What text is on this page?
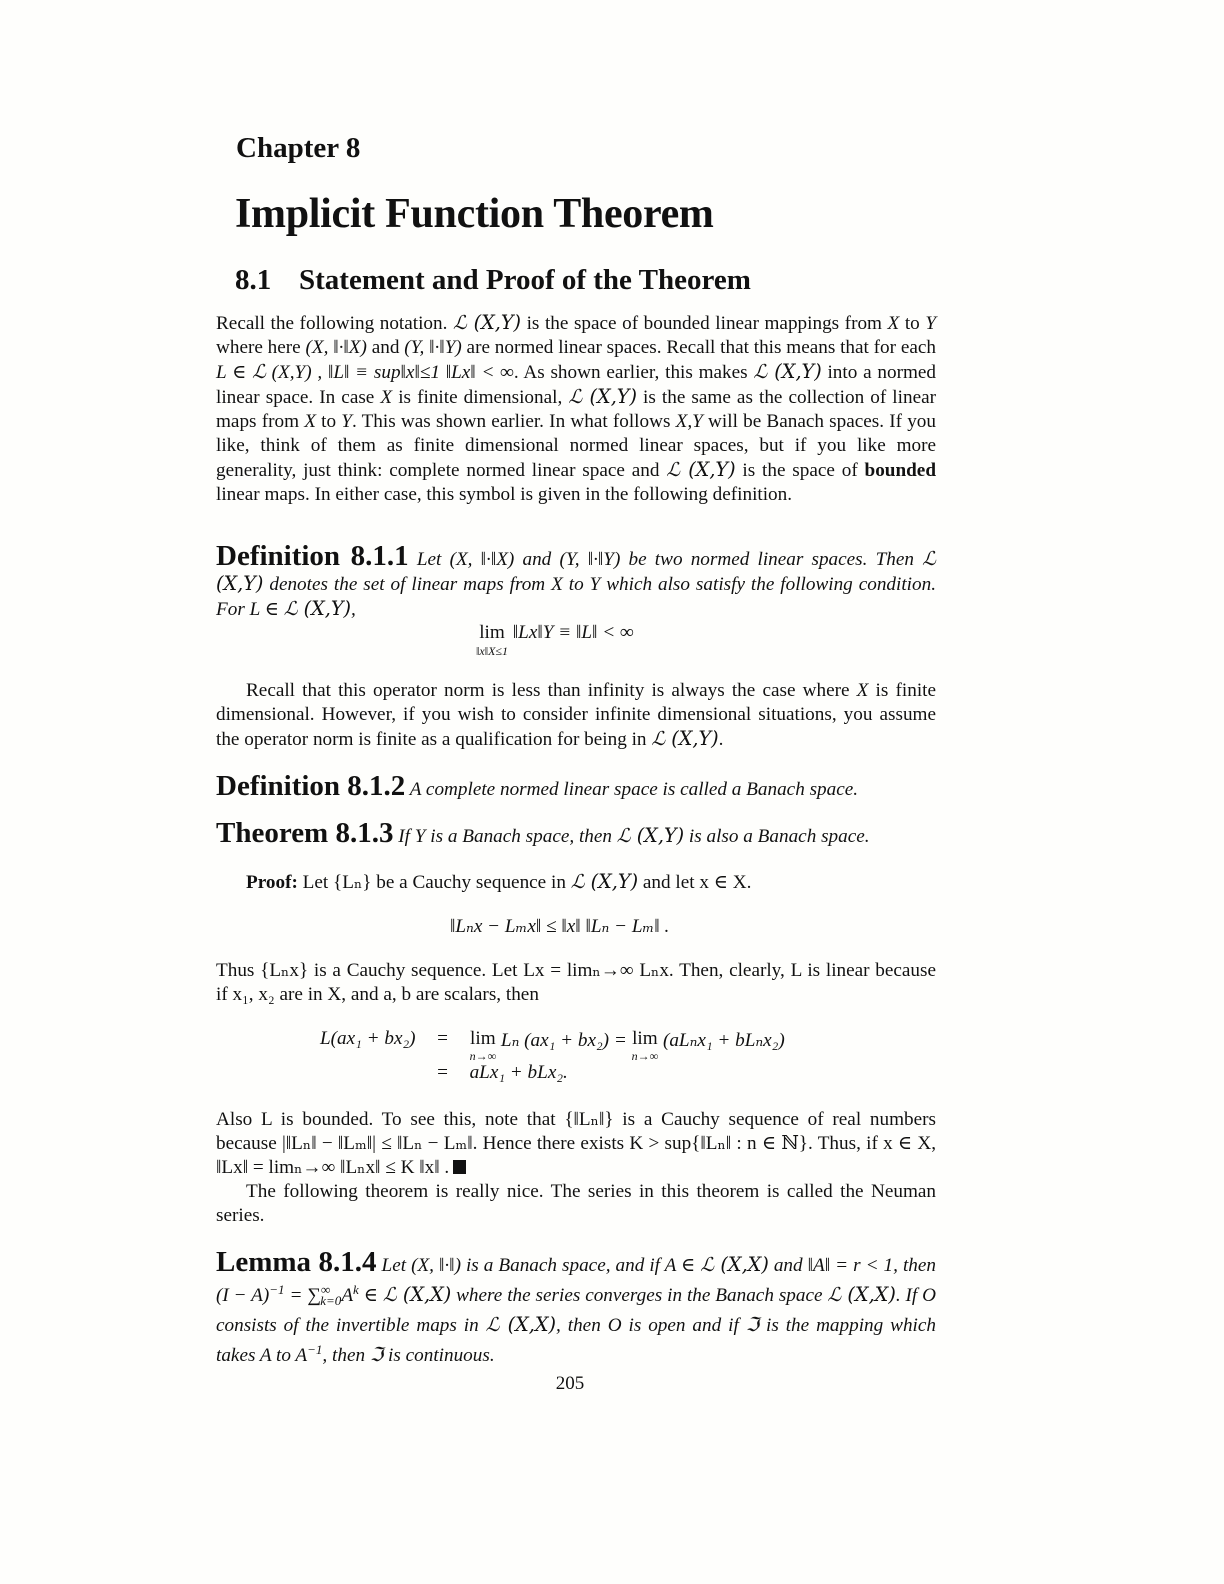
Chapter 8
Implicit Function Theorem
8.1 Statement and Proof of the Theorem

Recall the following notation. ℒ (X,Y) is the space of bounded linear mappings from X to Y where here (X, ‖·‖X) and (Y, ‖·‖Y) are normed linear spaces. Recall that this means that for each L ∈ ℒ (X,Y) , ‖L‖ ≡ sup‖x‖≤1 ‖Lx‖ < ∞. As shown earlier, this makes ℒ (X,Y) into a normed linear space. In case X is finite dimensional, ℒ (X,Y) is the same as the collection of linear maps from X to Y. This was shown earlier. In what follows X,Y will be Banach spaces. If you like, think of them as finite dimensional normed linear spaces, but if you like more generality, just think: complete normed linear space and ℒ (X,Y) is the space of bounded linear maps. In either case, this symbol is given in the following definition.

Definition 8.1.1 Let (X, ‖·‖X) and (Y, ‖·‖Y) be two normed linear spaces. Then ℒ (X,Y) denotes the set of linear maps from X to Y which also satisfy the following condition. For L ∈ ℒ (X,Y),

lim
‖x‖X≤1
‖Lx‖Y ≡ ‖L‖ < ∞

Recall that this operator norm is less than infinity is always the case where X is finite dimensional. However, if you wish to consider infinite dimensional situations, you assume the operator norm is finite as a qualification for being in ℒ (X,Y).

Definition 8.1.2 A complete normed linear space is called a Banach space.

Theorem 8.1.3 If Y is a Banach space, then ℒ (X,Y) is also a Banach space.

Proof: Let {Lₙ} be a Cauchy sequence in ℒ (X,Y) and let x ∈ X.

‖Lₙx − Lₘx‖ ≤ ‖x‖ ‖Lₙ − Lₘ‖ .

Thus {Lₙx} is a Cauchy sequence. Let Lx = limₙ→∞ Lₙx. Then, clearly, L is linear because if x₁, x₂ are in X, and a, b are scalars, then

L(ax₁ + bx₂)	=	lim
n→∞
Lₙ (ax₁ + bx₂) = lim
n→∞
(aLₙx₁ + bLₙx₂)
	=	aLx₁ + bLx₂.

Also L is bounded. To see this, note that {‖Lₙ‖} is a Cauchy sequence of real numbers because |‖Lₙ‖ − ‖Lₘ‖| ≤ ‖Lₙ − Lₘ‖. Hence there exists K > sup{‖Lₙ‖ : n ∈ ℕ}. Thus, if x ∈ X, ‖Lx‖ = limₙ→∞ ‖Lₙx‖ ≤ K ‖x‖ .

The following theorem is really nice. The series in this theorem is called the Neuman series.

Lemma 8.1.4 Let (X, ‖·‖) is a Banach space, and if A ∈ ℒ (X,X) and ‖A‖ = r < 1, then $(I - A)^{-1} = \sum^\infty_{k=0}A^k$ ∈ ℒ (X,X) where the series converges in the Banach space ℒ (X,X). If O consists of the invertible maps in ℒ (X,X), then O is open and if ℑ is the mapping which takes A to $A^{-1}$, then ℑ is continuous.

205
